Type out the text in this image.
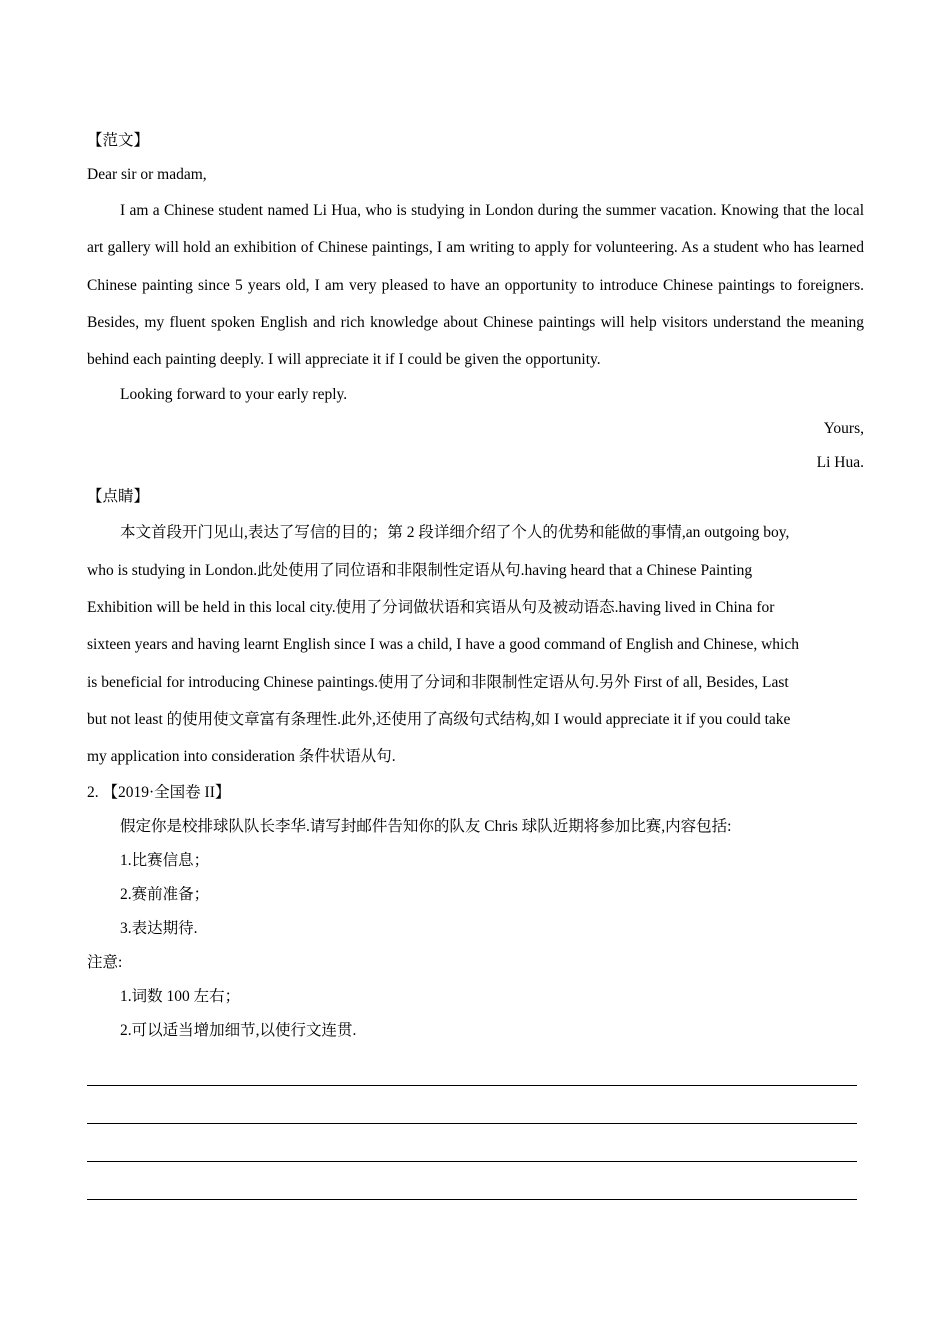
【范文】
Dear sir or madam,
I am a Chinese student named Li Hua, who is studying in London during the summer vacation. Knowing that the local art gallery will hold an exhibition of Chinese paintings, I am writing to apply for volunteering. As a student who has learned Chinese painting since 5 years old, I am very pleased to have an opportunity to introduce Chinese paintings to foreigners. Besides, my fluent spoken English and rich knowledge about Chinese paintings will help visitors understand the meaning behind each painting deeply. I will appreciate it if I could be given the opportunity.
Looking forward to your early reply.
Yours,
Li Hua.
【点睛】
本文首段开门见山,表达了写信的目的；第 2 段详细介绍了个人的优势和能做的事情,an outgoing boy,
who is studying in London.此处使用了同位语和非限制性定语从句.having heard that a Chinese Painting
Exhibition will be held in this local city.使用了分词做状语和宾语从句及被动语态.having lived in China for
sixteen years and having learnt English since I was a child, I have a good command of English and Chinese, which
is beneficial for introducing Chinese paintings.使用了分词和非限制性定语从句.另外 First of all, Besides, Last
but not least 的使用使文章富有条理性.此外,还使用了高级句式结构,如 I would appreciate it if you could take
my application into consideration 条件状语从句.
2. 【2019·全国卷 II】
假定你是校排球队队长李华.请写封邮件告知你的队友 Chris 球队近期将参加比赛,内容包括:
1.比赛信息；
2.赛前准备；
3.表达期待.
注意:
1.词数 100 左右；
2.可以适当增加细节,以使行文连贯.
